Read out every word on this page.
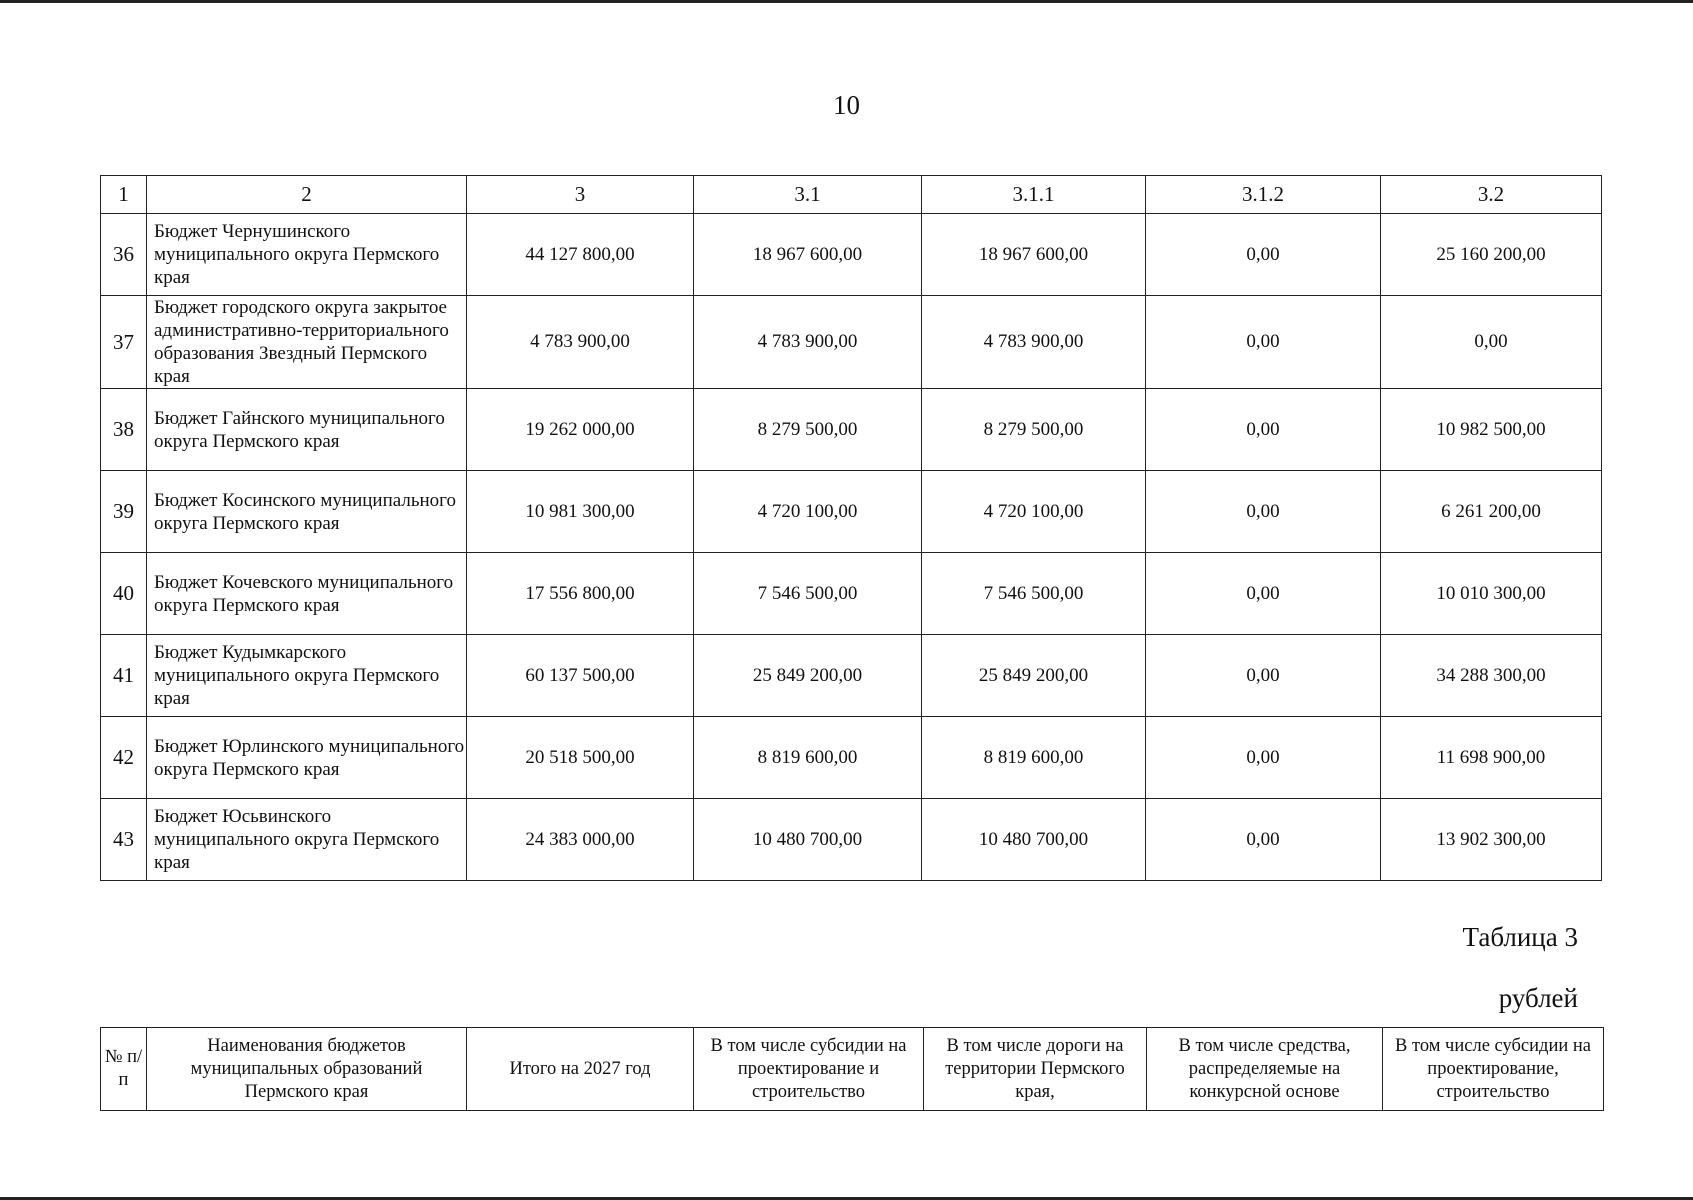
10
1	2	3	3.1	3.1.1	3.1.2	3.2
36	Бюджет Чернушинского муниципального округа Пермского края	44 127 800,00	18 967 600,00	18 967 600,00	0,00	25 160 200,00
37	Бюджет городского округа закрытое административно-территориального образования Звездный Пермского края	4 783 900,00	4 783 900,00	4 783 900,00	0,00	0,00
38	Бюджет Гайнского муниципального округа Пермского края	19 262 000,00	8 279 500,00	8 279 500,00	0,00	10 982 500,00
39	Бюджет Косинского муниципального округа Пермского края	10 981 300,00	4 720 100,00	4 720 100,00	0,00	6 261 200,00
40	Бюджет Кочевского муниципального округа Пермского края	17 556 800,00	7 546 500,00	7 546 500,00	0,00	10 010 300,00
41	Бюджет Кудымкарского муниципального округа Пермского края	60 137 500,00	25 849 200,00	25 849 200,00	0,00	34 288 300,00
42	Бюджет Юрлинского муниципального округа Пермского края	20 518 500,00	8 819 600,00	8 819 600,00	0,00	11 698 900,00
43	Бюджет Юсьвинского муниципального округа Пермского края	24 383 000,00	10 480 700,00	10 480 700,00	0,00	13 902 300,00
Таблица 3
рублей
№ п/п	Наименования бюджетов муниципальных образований Пермского края	Итого на 2027 год	В том числе субсидии на проектирование и строительство	В том числе дороги на территории Пермского края,	В том числе средства, распределяемые на конкурсной основе	В том числе субсидии на проектирование, строительство
